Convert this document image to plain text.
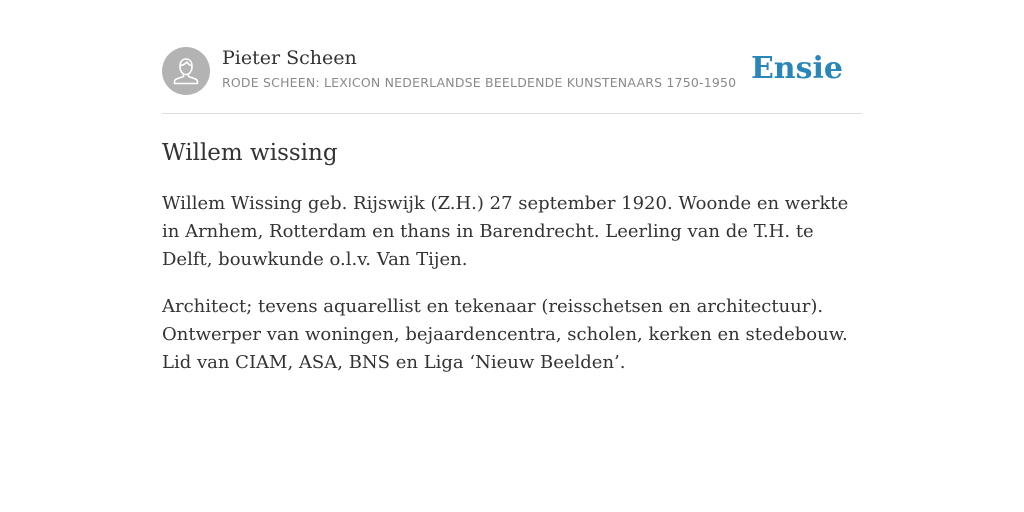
Pieter Scheen
RODE SCHEEN: LEXICON NEDERLANDSE BEELDENDE KUNSTENAARS 1750-1950 Ensie
Willem wissing

Willem Wissing geb. Rijswijk (Z.H.) 27 september 1920. Woonde en werkte in Arnhem, Rotterdam en thans in Barendrecht. Leerling van de T.H. te Delft, bouwkunde o.l.v. Van Tijen.

Architect; tevens aquarellist en tekenaar (reisschetsen en architectuur). Ontwerper van woningen, bejaardencentra, scholen, kerken en stedebouw. Lid van CIAM, ASA, BNS en Liga ‘Nieuw Beelden’.
